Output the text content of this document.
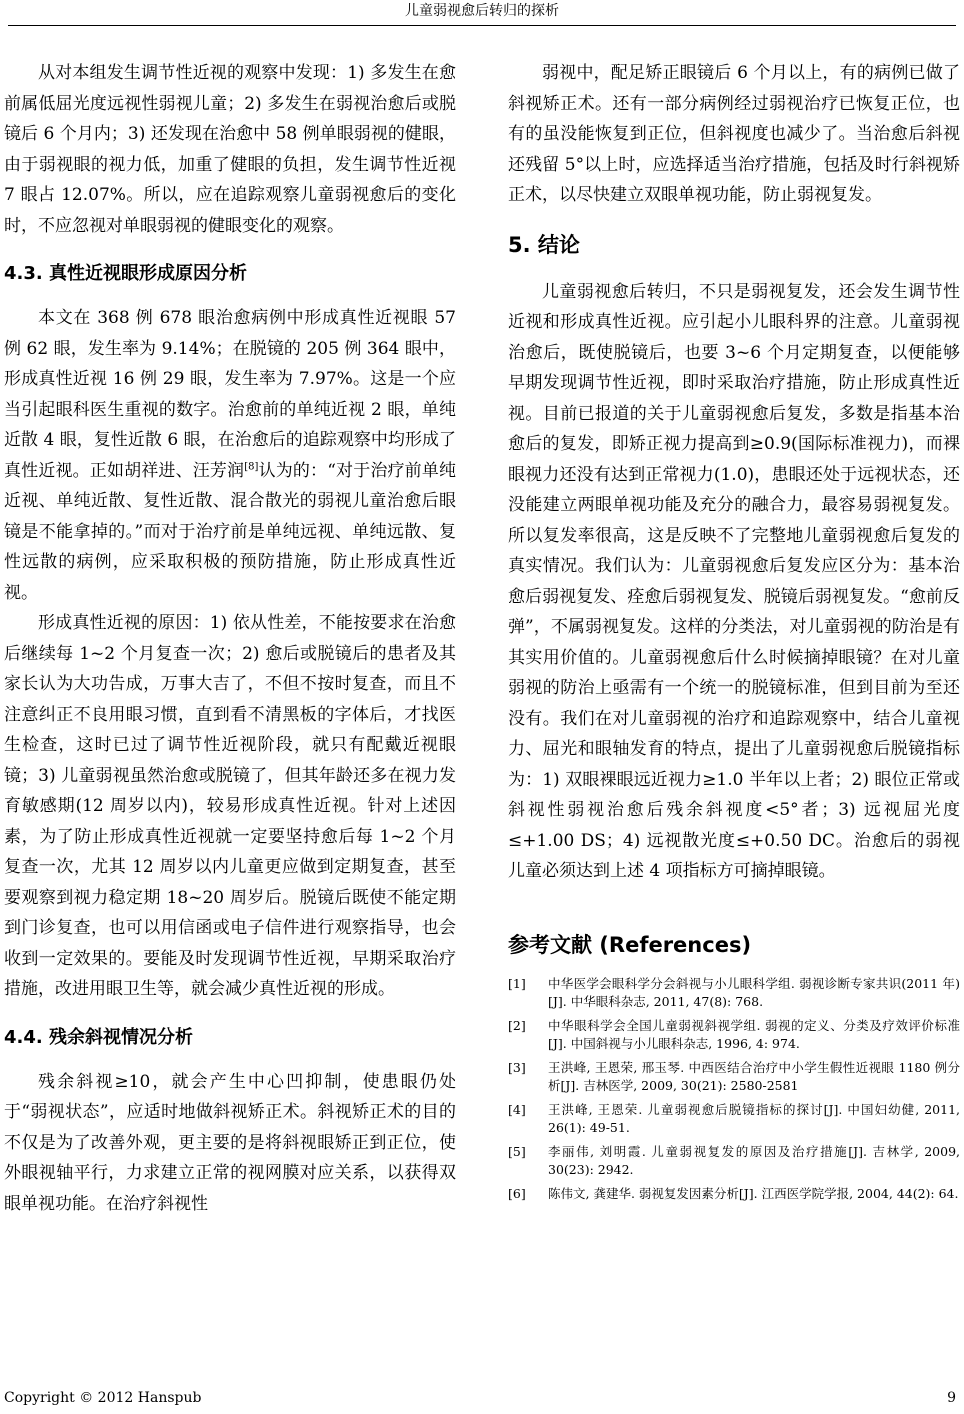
儿童弱视愈后转归的探析

从对本组发生调节性近视的观察中发现：1) 多发生在愈前属低屈光度远视性弱视儿童；2) 多发生在弱视治愈后或脱镜后 6 个月内；3) 还发现在治愈中 58 例单眼弱视的健眼，由于弱视眼的视力低，加重了健眼的负担，发生调节性近视 7 眼占 12.07%。所以，应在追踪观察儿童弱视愈后的变化时，不应忽视对单眼弱视的健眼变化的观察。

4.3. 真性近视眼形成原因分析

本文在 368 例 678 眼治愈病例中形成真性近视眼 57 例 62 眼，发生率为 9.14%；在脱镜的 205 例 364 眼中，形成真性近视 16 例 29 眼，发生率为 7.97%。这是一个应当引起眼科医生重视的数字。治愈前的单纯近视 2 眼，单纯近散 4 眼，复性近散 6 眼，在治愈后的追踪观察中均形成了真性近视。正如胡祥进、汪芳润[8]认为的：“对于治疗前单纯近视、单纯近散、复性近散、混合散光的弱视儿童治愈后眼镜是不能拿掉的。”而对于治疗前是单纯远视、单纯远散、复性远散的病例，应采取积极的预防措施，防止形成真性近视。

形成真性近视的原因：1) 依从性差，不能按要求在治愈后继续每 1~2 个月复查一次；2) 愈后或脱镜后的患者及其家长认为大功告成，万事大吉了，不但不按时复查，而且不注意纠正不良用眼习惯，直到看不清黑板的字体后，才找医生检查，这时已过了调节性近视阶段，就只有配戴近视眼镜；3) 儿童弱视虽然治愈或脱镜了，但其年龄还多在视力发育敏感期(12 周岁以内)，较易形成真性近视。针对上述因素，为了防止形成真性近视就一定要坚持愈后每 1~2 个月复查一次，尤其 12 周岁以内儿童更应做到定期复查，甚至要观察到视力稳定期 18~20 周岁后。脱镜后既使不能定期到门诊复查，也可以用信函或电子信件进行观察指导，也会收到一定效果的。要能及时发现调节性近视，早期采取治疗措施，改进用眼卫生等，就会减少真性近视的形成。

4.4. 残余斜视情况分析

残余斜视≥10，就会产生中心凹抑制，使患眼仍处于“弱视状态”，应适时地做斜视矫正术。斜视矫正术的目的不仅是为了改善外观，更主要的是将斜视眼矫正到正位，使外眼视轴平行，力求建立正常的视网膜对应关系，以获得双眼单视功能。在治疗斜视性

弱视中，配足矫正眼镜后 6 个月以上，有的病例已做了斜视矫正术。还有一部分病例经过弱视治疗已恢复正位，也有的虽没能恢复到正位，但斜视度也减少了。当治愈后斜视还残留 5°以上时，应选择适当治疗措施，包括及时行斜视矫正术，以尽快建立双眼单视功能，防止弱视复发。

5. 结论

儿童弱视愈后转归，不只是弱视复发，还会发生调节性近视和形成真性近视。应引起小儿眼科界的注意。儿童弱视治愈后，既使脱镜后，也要 3~6 个月定期复查，以便能够早期发现调节性近视，即时采取治疗措施，防止形成真性近视。目前已报道的关于儿童弱视愈后复发，多数是指基本治愈后的复发，即矫正视力提高到≥0.9(国际标准视力)，而裸眼视力还没有达到正常视力(1.0)，患眼还处于远视状态，还没能建立两眼单视功能及充分的融合力，最容易弱视复发。所以复发率很高，这是反映不了完整地儿童弱视愈后复发的真实情况。我们认为：儿童弱视愈后复发应区分为：基本治愈后弱视复发、痊愈后弱视复发、脱镜后弱视复发。“愈前反弹”，不属弱视复发。这样的分类法，对儿童弱视的防治是有其实用价值的。儿童弱视愈后什么时候摘掉眼镜？在对儿童弱视的防治上亟需有一个统一的脱镜标准，但到目前为至还没有。我们在对儿童弱视的治疗和追踪观察中，结合儿童视力、屈光和眼轴发育的特点，提出了儿童弱视愈后脱镜指标为：1) 双眼裸眼远近视力≥1.0 半年以上者；2) 眼位正常或斜视性弱视治愈后残余斜视度<5°者；3) 远视屈光度≤+1.00 DS；4) 远视散光度≤+0.50 DC。治愈后的弱视儿童必须达到上述 4 项指标方可摘掉眼镜。

参考文献 (References)
[1]	中华医学会眼科学分会斜视与小儿眼科学组. 弱视诊断专家共识(2011 年)[J]. 中华眼科杂志, 2011, 47(8): 768.
[2]	中华眼科学会全国儿童弱视斜视学组. 弱视的定义、分类及疗效评价标准[J]. 中国斜视与小儿眼科杂志, 1996, 4: 974.
[3]	王洪峰, 王恩荣, 邢玉琴. 中西医结合治疗中小学生假性近视眼 1180 例分析[J]. 吉林医学, 2009, 30(21): 2580-2581
[4]	王洪峰, 王恩荣. 儿童弱视愈后脱镜指标的探讨[J]. 中国妇幼健, 2011, 26(1): 49-51.
[5]	李丽伟, 刘明霞. 儿童弱视复发的原因及治疗措施[J]. 吉林学, 2009, 30(23): 2942.
[6]	陈伟文, 龚建华. 弱视复发因素分析[J]. 江西医学院学报, 2004, 44(2): 64.
Copyright © 2012 Hanspub	9
